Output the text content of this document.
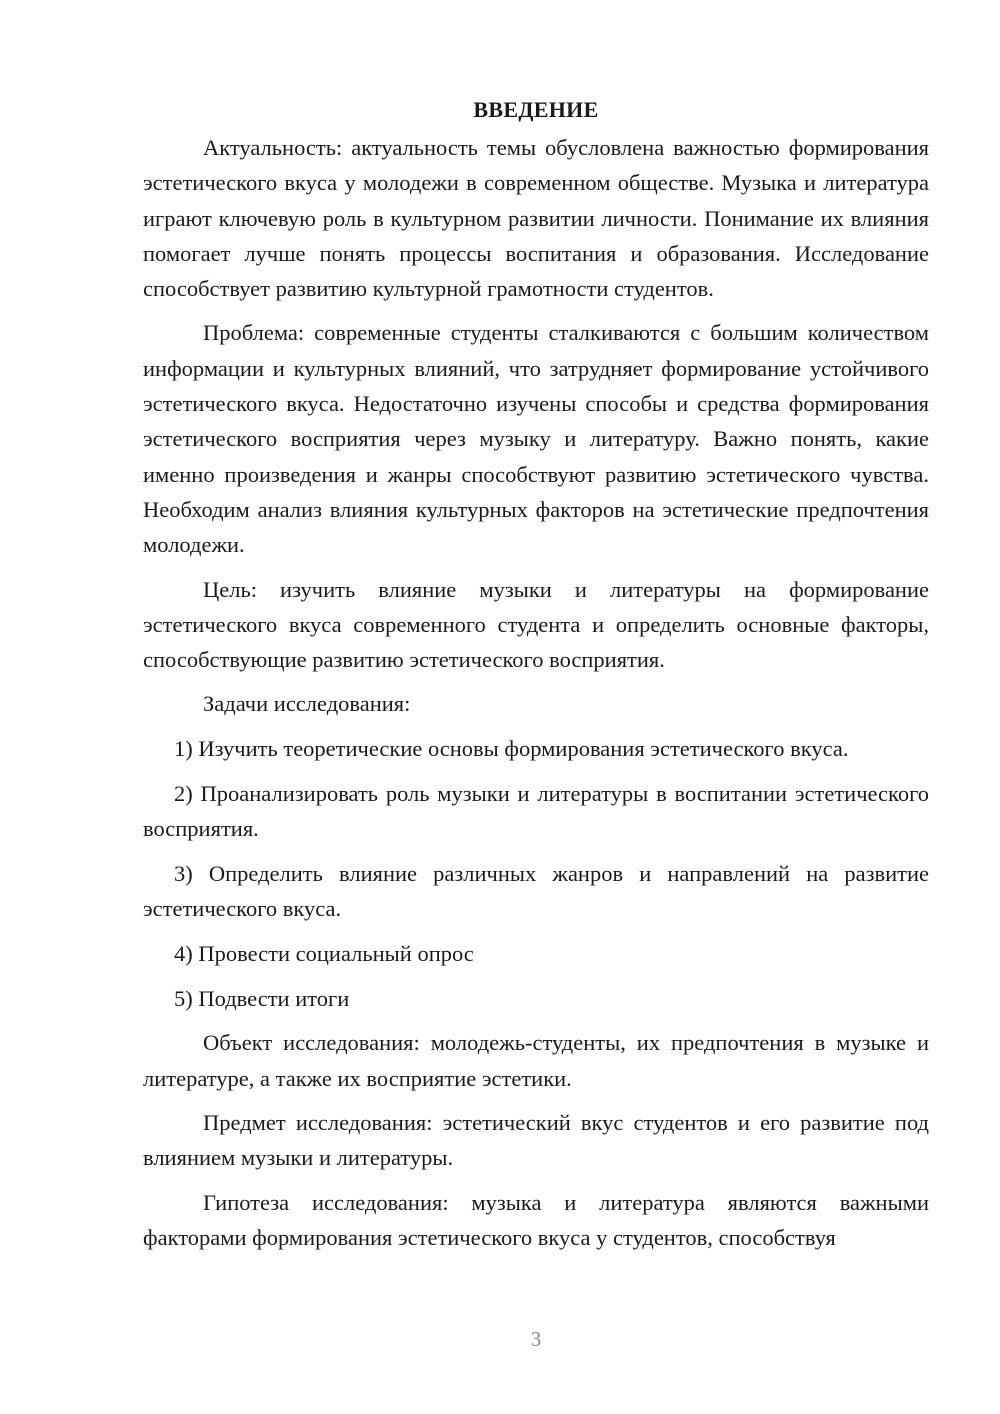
ВВЕДЕНИЕ

Актуальность: актуальность темы обусловлена важностью формирования эстетического вкуса у молодежи в современном обществе. Музыка и литература играют ключевую роль в культурном развитии личности. Понимание их влияния помогает лучше понять процессы воспитания и образования. Исследование способствует развитию культурной грамотности студентов.

Проблема: современные студенты сталкиваются с большим количеством информации и культурных влияний, что затрудняет формирование устойчивого эстетического вкуса. Недостаточно изучены способы и средства формирования эстетического восприятия через музыку и литературу. Важно понять, какие именно произведения и жанры способствуют развитию эстетического чувства. Необходим анализ влияния культурных факторов на эстетические предпочтения молодежи.

Цель: изучить влияние музыки и литературы на формирование эстетического вкуса современного студента и определить основные факторы, способствующие развитию эстетического восприятия.

Задачи исследования:

1) Изучить теоретические основы формирования эстетического вкуса.

2) Проанализировать роль музыки и литературы в воспитании эстетического восприятия.

3) Определить влияние различных жанров и направлений на развитие эстетического вкуса.

4) Провести социальный опрос

5) Подвести итоги

Объект исследования: молодежь-студенты, их предпочтения в музыке и литературе, а также их восприятие эстетики.

Предмет исследования: эстетический вкус студентов и его развитие под влиянием музыки и литературы.

Гипотеза исследования: музыка и литература являются важными факторами формирования эстетического вкуса у студентов, способствуя

3
